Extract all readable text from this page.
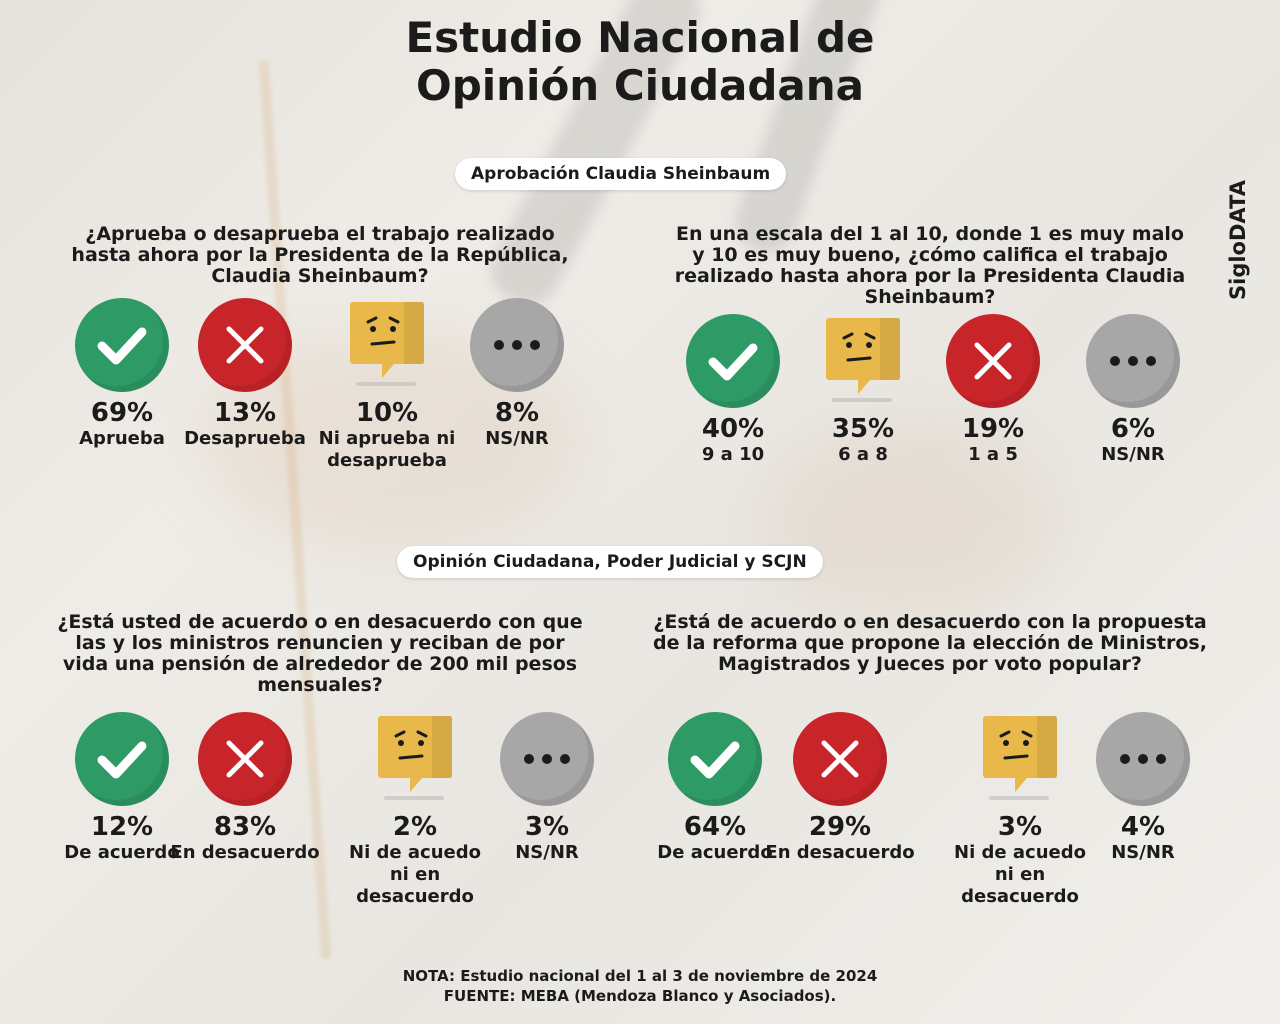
Estudio Nacional de
Opinión Ciudadana
SigloDATA
Aprobación Claudia Sheinbaum
¿Aprueba o desaprueba el trabajo realizado hasta ahora por la Presidenta de la República, Claudia Sheinbaum?
69%
Aprueba
13%
Desaprueba
10%
Ni aprueba ni desaprueba
8%
NS/NR
En una escala del 1 al 10, donde 1 es muy malo y 10 es muy bueno, ¿cómo califica el trabajo realizado hasta ahora por la Presidenta Claudia Sheinbaum?
40%
9 a 10
35%
6 a 8
19%
1 a 5
6%
NS/NR
Opinión Ciudadana, Poder Judicial y SCJN
¿Está usted de acuerdo o en desacuerdo con que las y los ministros renuncien y reciban de por vida una pensión de alrededor de 200 mil pesos mensuales?
12%
De acuerdo
83%
En desacuerdo
2%
Ni de acuedo ni en desacuerdo
3%
NS/NR
¿Está de acuerdo o en desacuerdo con la propuesta de la reforma que propone la elección de Ministros, Magistrados y Jueces por voto popular?
64%
De acuerdo
29%
En desacuerdo
3%
Ni de acuedo ni en desacuerdo
4%
NS/NR
NOTA: Estudio nacional del 1 al 3 de noviembre de 2024
FUENTE: MEBA (Mendoza Blanco y Asociados).
